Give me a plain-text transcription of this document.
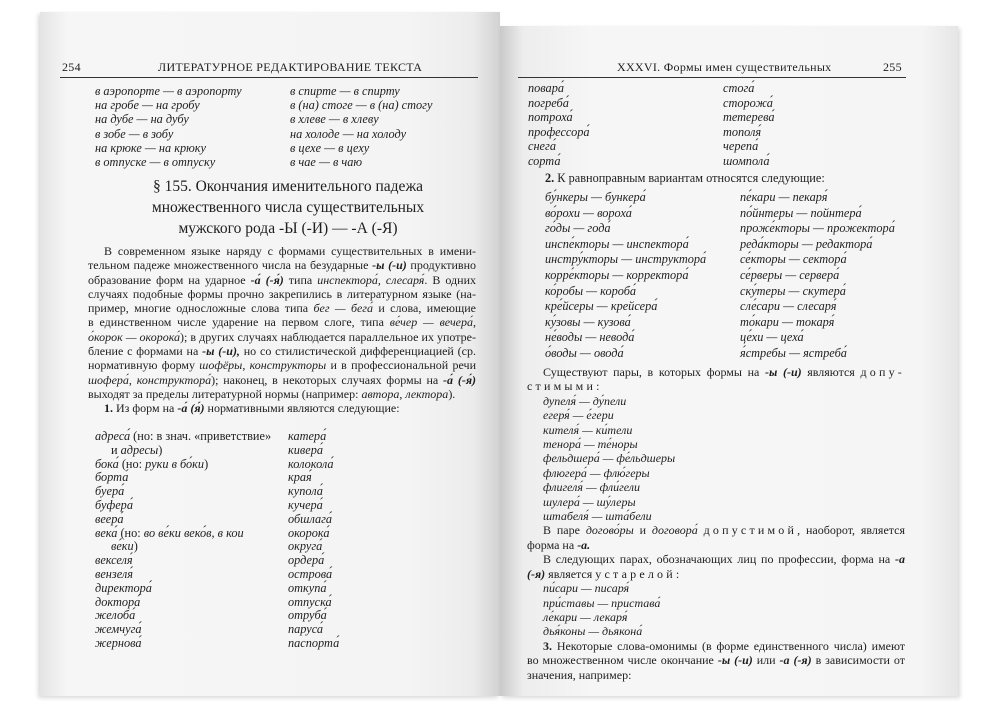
254	ЛИТЕРАТУРНОЕ РЕДАКТИРОВАНИЕ ТЕКСТА
в аэропорте — в аэропорту
на гробе — на гробу
на дубе — на дубу
в зобе — в зобу
на крюке — на крюку
в отпуске — в отпуску
в спирте — в спирту
в (на) стоге — в (на) стогу
в хлеве — в хлеву
на холоде — на холоду
в цехе — в цеху
в чае — в чаю
§ 155. Окончания именительного падежа
множественного числа существительных
мужского рода -Ы (-И) — -А (-Я)
В современном языке наряду с формами существительных в имени-
тельном падеже множественного числа на безударные -ы (-и) продуктивно
образование форм на ударное -а́ (-я́) типа инспектора́, слесаря́. В одних
случаях подобные формы прочно закрепились в литературном языке (на-
пример, многие односложные слова типа бег — бега́ и слова, имеющие
в единственном числе ударение на первом слоге, типа ве́чер — вечера́,
о́корок — окорока́); в других случаях наблюдается параллельное их употре-
бление с формами на -ы (-и), но со стилистической дифференциацией (ср.
нормативную форму шофёры, конструкторы и в профессиональной речи
шофера́, конструктора́); наконец, в некоторых случаях формы на -а́ (-я́)
выходят за пределы литературной нормы (например: автора, лектора).
1. Из форм на -а́ (я́) нормативными являются следующие:
адреса́ (но: в знач. «приветствие»
и адресы)
бока́ (но: руки в бо́ки)
борта́
буера́
буфера́
веера́
века́ (но: во ве́ки веко́в, в кои
ве́ки)
векселя́
вензеля́
директора́
доктора́
желоба́
жемчуга́
жернова́
катера́
кивера́
колокола́
края́
купола́
кучера́
обшлага́
окорока́
округа́
ордера́
острова́
откупа́
отпуска́
отруба́
паруса́
паспорта́
XXXVI. Формы имен существительных	255
повара́
погреба́
потроха́
профессора́
снега́
сорта́
стога́
сторожа́
тетерева́
тополя́
черепа́
шомпола́
2. К равноправным вариантам относятся следующие:
бу́нкеры — бункера́
во́рохи — вороха́
го́ды — года́
инспе́кторы — инспектора́
инстру́кторы — инструктора́
корре́кторы — корректора́
ко́робы — короба́
кре́йсеры — крейсера́
ку́зовы — кузова́
не́воды — невода́
о́воды — овода́
пе́кари — пекаря́
по́йнтеры — пойнтера́
проже́кторы — прожектора́
реда́кторы — редактора́
се́кторы — сектора́
се́рверы — сервера́
ску́теры — скутера́
сле́сари — слесаря́
то́кари — токаря́
це́хи — цеха́
я́стребы — ястреба́
Существуют пары, в которых формы на -ы (-и) являются допу-
стимыми:
дупеля́ — ду́пели
егеря́ — е́гери
кителя́ — ки́тели
тенора́ — те́норы
фельдшера́ — фе́льдшеры
флюгера́ — флю́геры
флигеля́ — фли́гели
шулера́ — шу́леры
штабеля́ — шта́бели
В паре догово́ры и договора́ допустимой, наоборот, является
форма на -а.
В следующих парах, обозначающих лиц по профессии, форма на -а
(-я) является устарелой:
пи́сари — писаря́
при́ставы — пристава́
ле́кари — лекаря́
дья́коны — дьякона́
3. Некоторые слова-омонимы (в форме единственного числа) имеют
во множественном числе окончание -ы (-и) или -а (-я) в зависимости от
значения, например:
